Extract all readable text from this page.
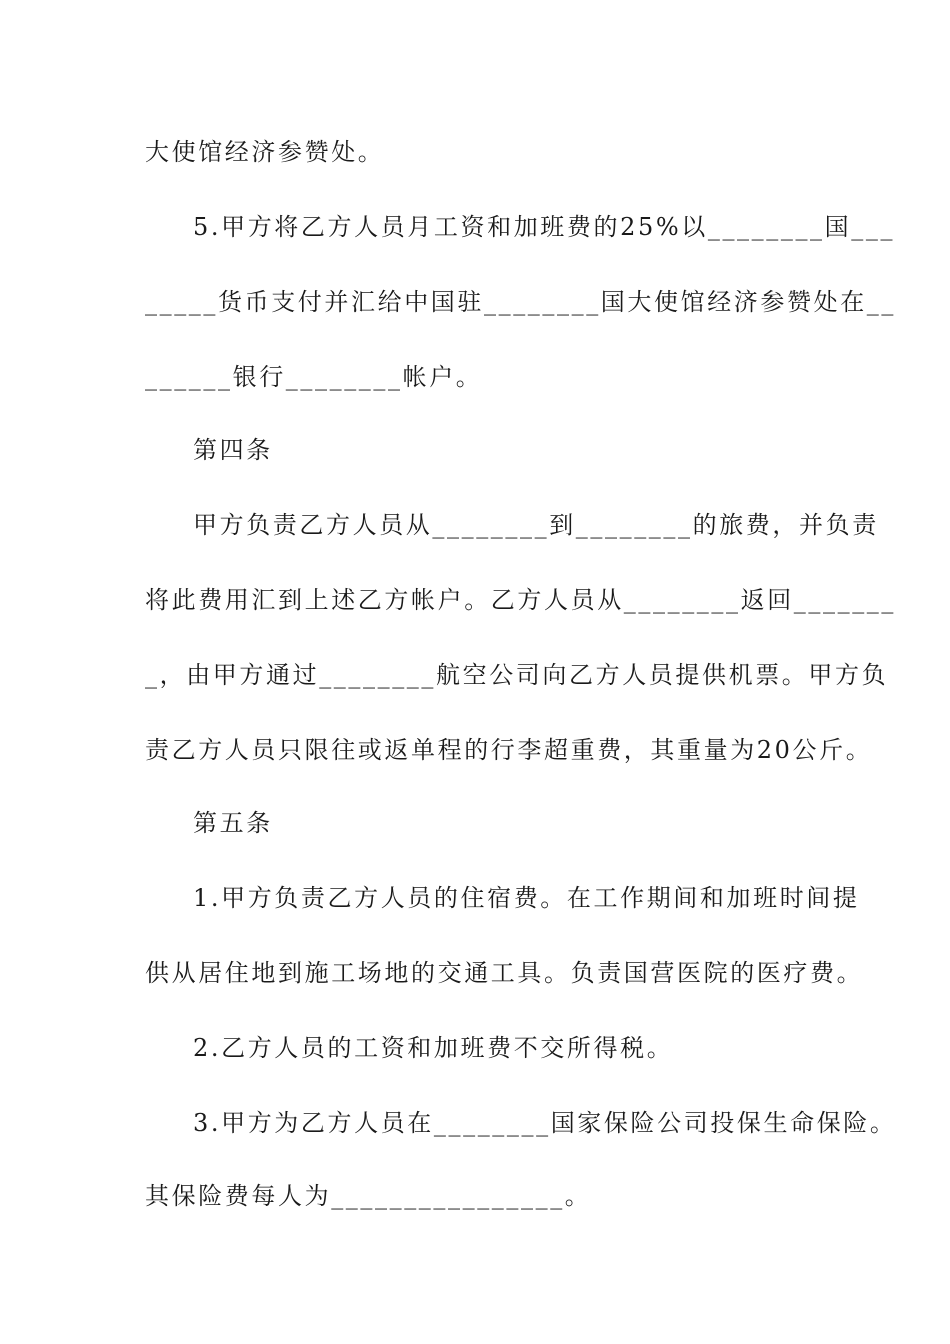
大使馆经济参赞处。
5.甲方将乙方人员月工资和加班费的25%以________国___
_____货币支付并汇给中国驻________国大使馆经济参赞处在__
______银行________帐户。
第四条
甲方负责乙方人员从________到________的旅费，并负责
将此费用汇到上述乙方帐户。乙方人员从________返回_______
_，由甲方通过________航空公司向乙方人员提供机票。甲方负
责乙方人员只限往或返单程的行李超重费，其重量为20公斤。
第五条
1.甲方负责乙方人员的住宿费。在工作期间和加班时间提
供从居住地到施工场地的交通工具。负责国营医院的医疗费。
2.乙方人员的工资和加班费不交所得税。
3.甲方为乙方人员在________国家保险公司投保生命保险。
其保险费每人为________________。
